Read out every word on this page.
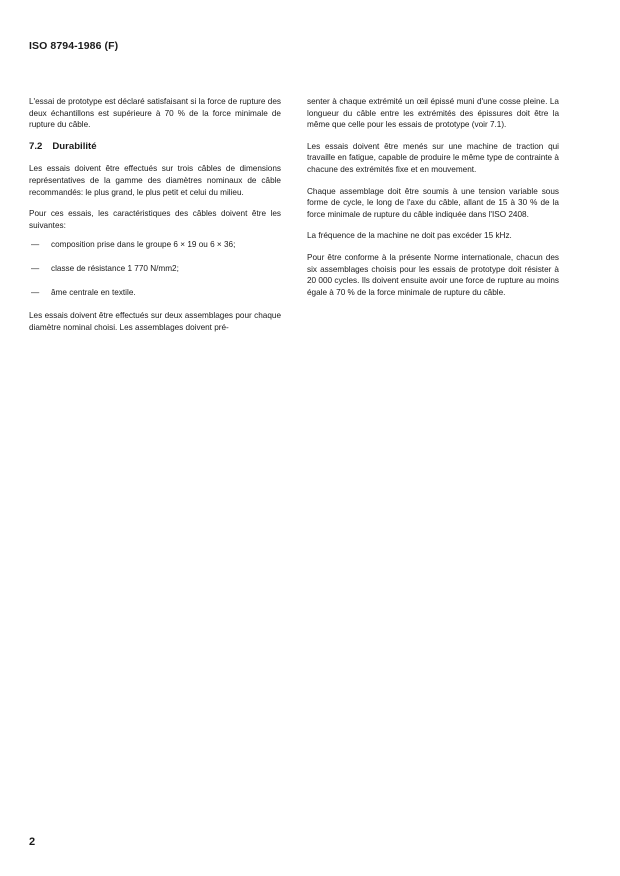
ISO 8794-1986 (F)

L'essai de prototype est déclaré satisfaisant si la force de rupture des deux échantillons est supérieure à 70 % de la force minimale de rupture du câble.

7.2 Durabilité

Les essais doivent être effectués sur trois câbles de dimensions représentatives de la gamme des diamètres nominaux de câble recommandés: le plus grand, le plus petit et celui du milieu.

Pour ces essais, les caractéristiques des câbles doivent être les suivantes:

—	composition prise dans le groupe 6 × 19 ou 6 × 36;
—	classe de résistance 1 770 N/mm2;
—	âme centrale en textile.

Les essais doivent être effectués sur deux assemblages pour chaque diamètre nominal choisi. Les assemblages doivent pré-

senter à chaque extrémité un œil épissé muni d'une cosse pleine. La longueur du câble entre les extrémités des épissures doit être la même que celle pour les essais de prototype (voir 7.1).

Les essais doivent être menés sur une machine de traction qui travaille en fatigue, capable de produire le même type de contrainte à chacune des extrémités fixe et en mouvement.

Chaque assemblage doit être soumis à une tension variable sous forme de cycle, le long de l'axe du câble, allant de 15 à 30 % de la force minimale de rupture du câble indiquée dans l'ISO 2408.

La fréquence de la machine ne doit pas excéder 15 kHz.

Pour être conforme à la présente Norme internationale, chacun des six assemblages choisis pour les essais de prototype doit résister à 20 000 cycles. Ils doivent ensuite avoir une force de rupture au moins égale à 70 % de la force minimale de rupture du câble.

2
